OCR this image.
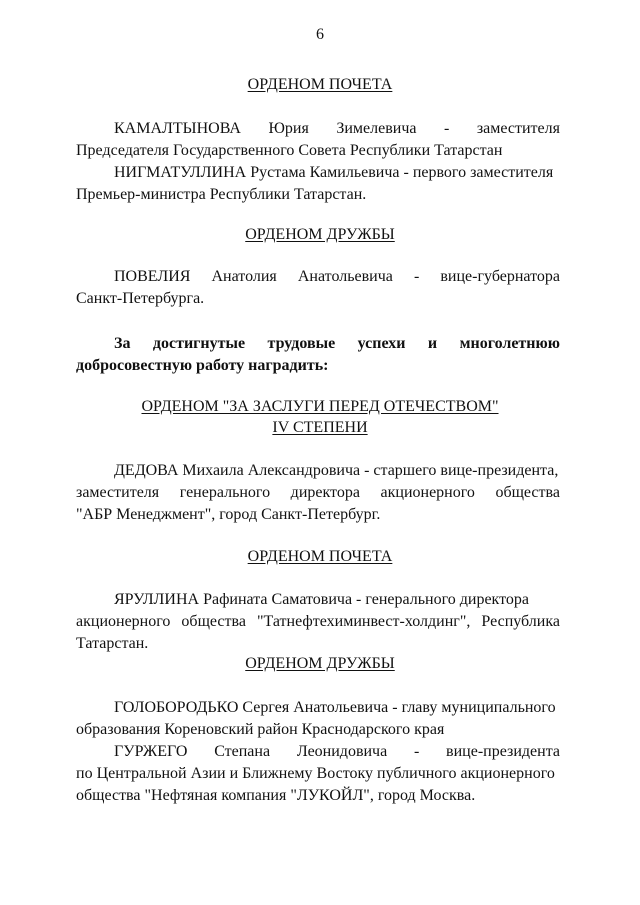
6
ОРДЕНОМ ПОЧЕТА
КАМАЛТЫНОВА Юрия Зимелевича - заместителя
Председателя Государственного Совета Республики Татарстан
НИГМАТУЛЛИНА Рустама Камильевича - первого заместителя
Премьер-министра Республики Татарстан.
ОРДЕНОМ ДРУЖБЫ
ПОВЕЛИЯ Анатолия Анатольевича - вице-губернатора
Санкт-Петербурга.
За достигнутые трудовые успехи и многолетнюю
добросовестную работу наградить:
ОРДЕНОМ "ЗА ЗАСЛУГИ ПЕРЕД ОТЕЧЕСТВОМ"
IV СТЕПЕНИ
ДЕДОВА Михаила Александровича - старшего вице-президента,
заместителя генерального директора акционерного общества
"АБР Менеджмент", город Санкт-Петербург.
ОРДЕНОМ ПОЧЕТА
ЯРУЛЛИНА Рафината Саматовича - генерального директора
акционерного общества "Татнефтехиминвест-холдинг", Республика
Татарстан.
ОРДЕНОМ ДРУЖБЫ
ГОЛОБОРОДЬКО Сергея Анатольевича - главу муниципального
образования Кореновский район Краснодарского края
ГУРЖЕГО Степана Леонидовича - вице-президента
по Центральной Азии и Ближнему Востоку публичного акционерного
общества "Нефтяная компания "ЛУКОЙЛ", город Москва.
